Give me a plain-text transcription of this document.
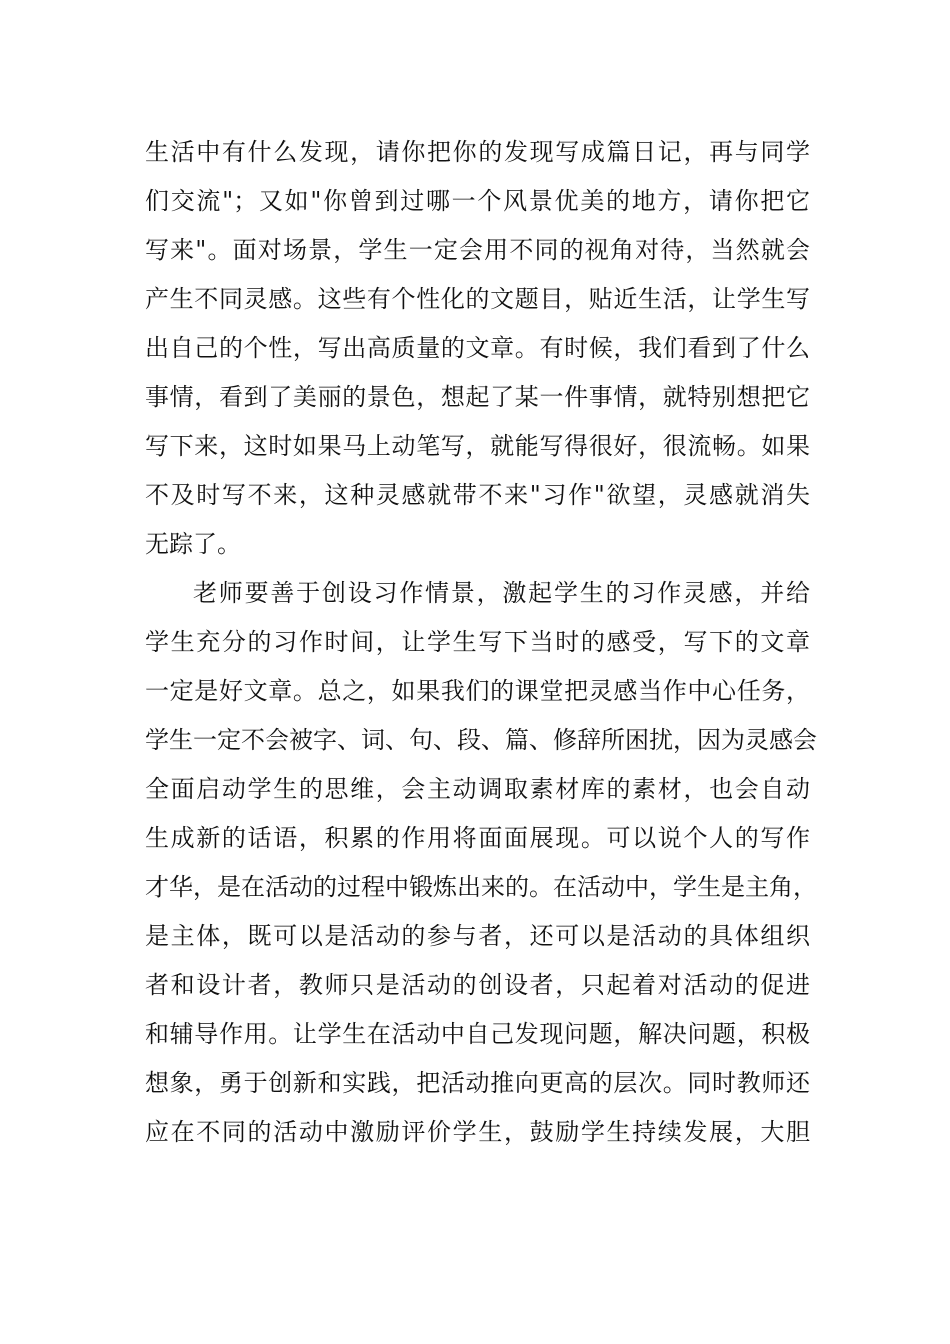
生活中有什么发现，请你把你的发现写成篇日记，再与同学
们交流"；又如"你曾到过哪一个风景优美的地方，请你把它
写来"。面对场景，学生一定会用不同的视角对待，当然就会
产生不同灵感。这些有个性化的文题目，贴近生活，让学生写
出自己的个性，写出高质量的文章。有时候，我们看到了什么
事情，看到了美丽的景色，想起了某一件事情，就特别想把它
写下来，这时如果马上动笔写，就能写得很好，很流畅。如果
不及时写不来，这种灵感就带不来"习作"欲望，灵感就消失
无踪了。
老师要善于创设习作情景，激起学生的习作灵感，并给
学生充分的习作时间，让学生写下当时的感受，写下的文章
一定是好文章。总之，如果我们的课堂把灵感当作中心任务，
学生一定不会被字、词、句、段、篇、修辞所困扰，因为灵感会
全面启动学生的思维，会主动调取素材库的素材，也会自动
生成新的话语，积累的作用将面面展现。可以说个人的写作
才华，是在活动的过程中锻炼出来的。在活动中，学生是主角，
是主体，既可以是活动的参与者，还可以是活动的具体组织
者和设计者，教师只是活动的创设者，只起着对活动的促进
和辅导作用。让学生在活动中自己发现问题，解决问题，积极
想象，勇于创新和实践，把活动推向更高的层次。同时教师还
应在不同的活动中激励评价学生，鼓励学生持续发展，大胆
